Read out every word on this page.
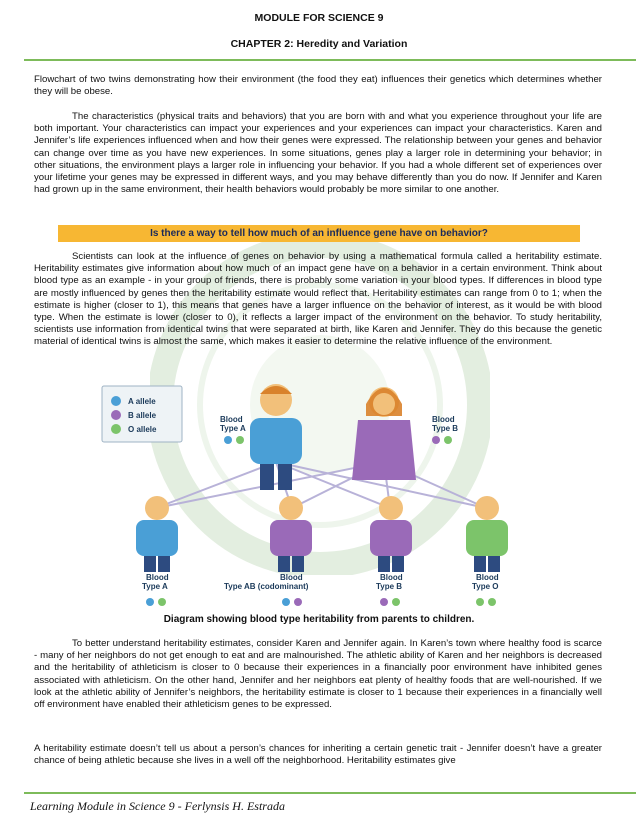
MODULE FOR SCIENCE 9
CHAPTER 2: Heredity and Variation

Flowchart of two twins demonstrating how their environment (the food they eat) influences their genetics which determines whether they will be obese.

The characteristics (physical traits and behaviors) that you are born with and what you experience throughout your life are both important. Your characteristics can impact your experiences and your experiences can impact your characteristics. Karen and Jennifer’s life experiences influenced when and how their genes were expressed. The relationship between your genes and behavior can change over time as you have new experiences. In some situations, genes play a larger role in determining your behavior; in other situations, the environment plays a larger role in influencing your behavior. If you had a whole different set of experiences over your lifetime your genes may be expressed in different ways, and you may behave differently than you do now. If Jennifer and Karen had grown up in the same environment, their health behaviors would probably be more similar to one another.

Is there a way to tell how much of an influence gene have on behavior?

Scientists can look at the influence of genes on behavior by using a mathematical formula called a heritability estimate. Heritability estimates give information about how much of an impact gene have on a behavior in a certain environment. Think about blood type as an example - in your group of friends, there is probably some variation in your blood types. If differences in blood type are mostly influenced by genes then the heritability estimate would reflect that. Heritability estimates can range from 0 to 1; when the estimate is higher (closer to 1), this means that genes have a larger influence on the behavior of interest, as it would be with blood type. When the estimate is lower (closer to 0), it reflects a larger impact of the environment on the behavior. To study heritability, scientists use information from identical twins that were separated at birth, like Karen and Jennifer. They do this because the genetic material of identical twins is almost the same, which makes it easier to determine the relative influence of the environment.

A allele
B allele
O allele
Blood Type A
Blood Type B
Blood Type A
Blood Type AB (codominant)
Blood Type B
Blood Type O
Diagram showing blood type heritability from parents to children.

To better understand heritability estimates, consider Karen and Jennifer again. In Karen’s town where healthy food is scarce - many of her neighbors do not get enough to eat and are malnourished. The athletic ability of Karen and her neighbors is decreased and the heritability of athleticism is closer to 0 because their experiences in a financially poor environment have inhibited genes associated with athleticism. On the other hand, Jennifer and her neighbors eat plenty of healthy foods that are well-nourished. If we look at the athletic ability of Jennifer’s neighbors, the heritability estimate is closer to 1 because their experiences in a financially well off environment have enabled their athleticism genes to be expressed.

A heritability estimate doesn’t tell us about a person’s chances for inheriting a certain genetic trait - Jennifer doesn’t have a greater chance of being athletic because she lives in a well off the neighborhood. Heritability estimates give

Learning Module in Science 9 - Ferlynsis H. Estrada
